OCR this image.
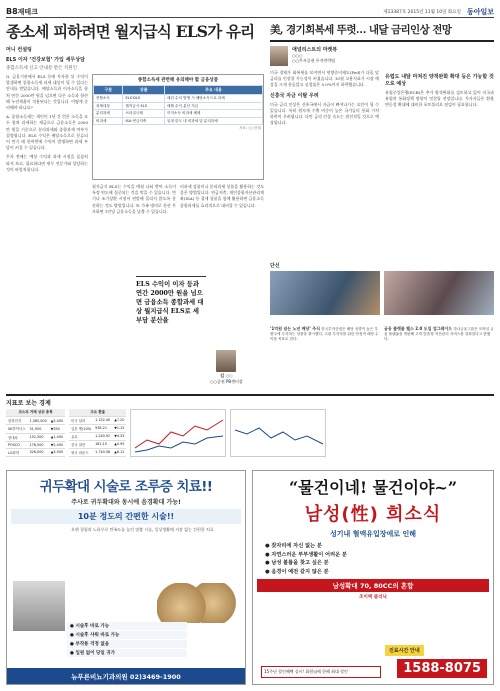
B8 재테크	제13387호 2015년 11월 10일 화요일 동아일보
종소세 피하려면 월지급식 ELS가 유리
머니 컨설팅
ELS 이자 ‘건강보험’ 가입 세무상담
종합소득세 신고 안내문 받은 직원인

Q. 금융기관에서 ELS 등에 투자한 뒤 수익이 발생하면 종합소득세 과세 대상이 될 수 있다는 안내를 받았습니다. 배당소득과 이자소득을 합쳐 연간 2000만 원을 넘으면 다른 소득과 합산해 누진세율이 적용된다는 것입니다. 어떻게 준비해야 하나요?

A. 종합소득세는 개인이 1년 간 얻은 소득을 모두 합쳐 과세하는 세금으로 금융소득은 2000만 원을 기준으로 분리과세와 종합과세 여부가 결정됩니다. ELS 수익은 배당소득으로 분류되어 만기 때 한꺼번에 수익이 발생하면 과세 부담이 커질 수 있습니다.

투자 전에는 예상 수익과 과세 시점을 꼼꼼히 따져 보고, 필요하다면 세무 전문가와 상담하는 것이 바람직합니다.

종합소득세 관련해 유의해야 할 금융상품
구분	상품	주요 내용
종합소득	ELS·DLS	매년 수익 발생 시 배당소득으로 과세
과세대상	월지급식 ELS	매월 수익 분산 지급
분리과세	브라질국채	이자소득 비과세 혜택
비과세	ISA·연금저축	일정 한도 내 비과세 및 분리과세
자료: ○○증권

월지급식 ELS는 수익을 매월 나눠 받아 소득이 특정 연도에 집중되는 것을 막을 수 있습니다. 만기나 조기상환 시점이 연말에 몰리지 않도록 분산하는 것도 방법입니다. 또 가족 명의로 분산 투자하면 1인당 금융소득을 낮출 수 있습니다.

비과세 상품이나 분리과세 상품을 활용하는 것도 좋은 방법입니다. 연금저축, 개인종합자산관리계좌(ISA) 등 절세 상품을 함께 활용하면 금융소득 종합과세를 효과적으로 대비할 수 있습니다.

ELS 수익이 이자 등과 연간 2000만 원을 넘으면 금융소득 종합과세 대상 월지급식 ELS로 세 부담 분산을
김 ○○
○○증권 PB센터장
美, 경기회복세 뚜렷… 내달 금리인상 전망
애널리스트의 마켓뷰
○○○
○○투자증권 투자전략팀

미국 경제가 회복세를 보이면서 연방준비제도(Fed)가 다음 달 금리를 인상할 가능성이 커졌습니다. 10월 고용지표가 시장 예상을 크게 웃돌았고 실업률은 5.0%까지 하락했습니다.

신흥국 자금 이탈 우려

미국 금리 인상은 신흥국에서 자금이 빠져나가는 요인이 될 수 있습니다. 특히 원자재 수출 비중이 높은 국가들의 통화 가치 하락이 우려됩니다. 다만 금리 인상 속도는 점진적일 것으로 예상됩니다.

유럽도 내달 마쳐진 양적완화 확대 등은 가능할 것으로 예상

유럽중앙은행(ECB)은 추가 양적완화를 검토하고 있어 미국과 유럽의 통화정책 방향이 엇갈릴 전망입니다. 투자자들은 환율 변동성 확대에 대비한 포트폴리오 점검이 필요합니다.

단신
‘1억원 넘는 노년 배당’ 주식 한국투자증권은 배당 성향이 높은 우량주에 투자하는 상품을 출시했다. 고령 투자자를 위한 안정적 배당 수익을 목표로 한다.
금융 플랫폼 헬스 2.0 도입 업그레이드 하나금융그룹은 모바일 금융 플랫폼을 개편해 고객 맞춤형 자산관리 서비스를 강화한다고 밝혔다.
지표로 보는 경제
코스피 거래 상위 종목		
삼성전자	1,365,000	▲5,000
SK하이닉스	31,950	▼350
현대차	152,500	▲1,000
POSCO	178,500	▼2,000
LG화학	326,000	▲3,500
주요 환율		
미국 달러	1,152.40	▲7.20
일본 엔(100)	938.21	▼1.15
유로	1,240.92	▼4.33
중국 위안	181.15	▲0.95
영국 파운드	1,740.58	▲6.12
귀두확대 시술로 조루증 치료!!
주사로 귀두확대와 동시에 음경확대 가능!
10분 정도의 간편한 시술!!
오랜 경험과 노하우로 만족도를 높인 맞춤 시술, 일상생활에 지장 없는 간편한 치료
● 시술후 바로 가능
● 시술후 샤워 바로 가능
● 부작용 걱정 없음
● 입원 없이 당일 귀가
뉴푸른비뇨기과의원 02)3469-1900
“물건이네! 물건이야~”
남성(性) 희소식
성기내 혈액유입장애로 인해
● 잦자리에 자신 없는 분
● 자연스러운 부부생활이 어려운 분
● 남성 볼륨을 찾고 싶은 분
● 음경이 예전 같지 않은 분
남성확대 70, 80CC의 혼합
조이맥 클리닉
진료시간 안내
15주년 할인혜택 실시! 회원님에 한해 최대 할인	1588-8075
